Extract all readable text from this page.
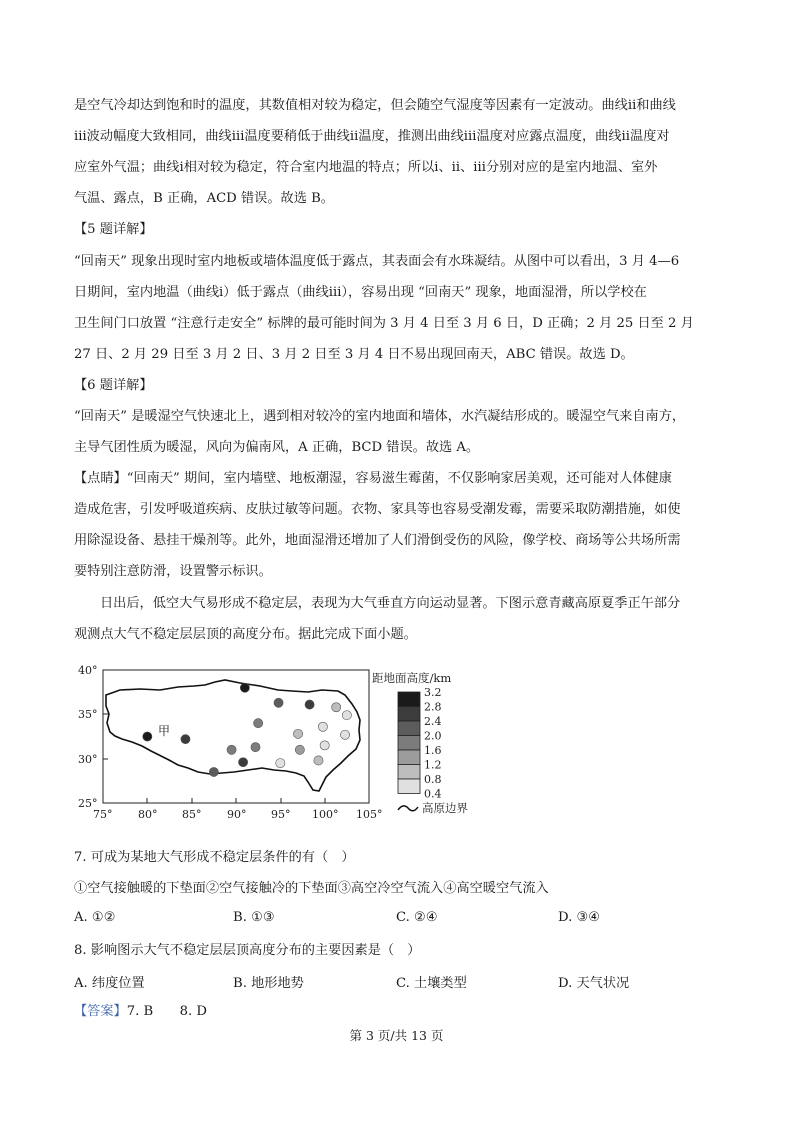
是空气冷却达到饱和时的温度，其数值相对较为稳定，但会随空气湿度等因素有一定波动。曲线ⅱ和曲线
ⅲ波动幅度大致相同，曲线ⅲ温度要稍低于曲线ⅱ温度，推测出曲线ⅲ温度对应露点温度，曲线ⅱ温度对
应室外气温；曲线ⅰ相对较为稳定，符合室内地温的特点；所以ⅰ、ⅱ、ⅲ分别对应的是室内地温、室外
气温、露点，B 正确，ACD 错误。故选 B。
【5 题详解】
“回南天” 现象出现时室内地板或墙体温度低于露点，其表面会有水珠凝结。从图中可以看出，3 月 4—6
日期间，室内地温（曲线ⅰ）低于露点（曲线ⅲ），容易出现 “回南天” 现象，地面湿滑，所以学校在
卫生间门口放置 “注意行走安全” 标牌的最可能时间为 3 月 4 日至 3 月 6 日，D 正确；2 月 25 日至 2 月
27 日、2 月 29 日至 3 月 2 日、3 月 2 日至 3 月 4 日不易出现回南天，ABC 错误。故选 D。
【6 题详解】
“回南天” 是暖湿空气快速北上，遇到相对较冷的室内地面和墙体，水汽凝结形成的。暖湿空气来自南方，
主导气团性质为暖湿，风向为偏南风，A 正确，BCD 错误。故选 A。
【点睛】“回南天” 期间，室内墙壁、地板潮湿，容易滋生霉菌，不仅影响家居美观，还可能对人体健康
造成危害，引发呼吸道疾病、皮肤过敏等问题。衣物、家具等也容易受潮发霉，需要采取防潮措施，如使
用除湿设备、悬挂干燥剂等。此外，地面湿滑还增加了人们滑倒受伤的风险，像学校、商场等公共场所需
要特别注意防滑，设置警示标识。
日出后，低空大气易形成不稳定层，表现为大气垂直方向运动显著。下图示意青藏高原夏季正午部分
观测点大气不稳定层层顶的高度分布。据此完成下面小题。
40°
35°
30°
25°
75° 80° 85° 90° 95° 100° 105°
甲
距地面高度/km
3.2
2.8
2.4
2.0
1.6
1.2
0.8
0.4
高原边界
7. 可成为某地大气形成不稳定层条件的有（　）
①空气接触暖的下垫面②空气接触冷的下垫面③高空冷空气流入④高空暖空气流入
A. ①②	B. ①③	C. ②④	D. ③④
8. 影响图示大气不稳定层层顶高度分布的主要因素是（　）
A. 纬度位置	B. 地形地势	C. 土壤类型	D. 天气状况
【答案】7. B　　8. D
第 3 页/共 13 页
